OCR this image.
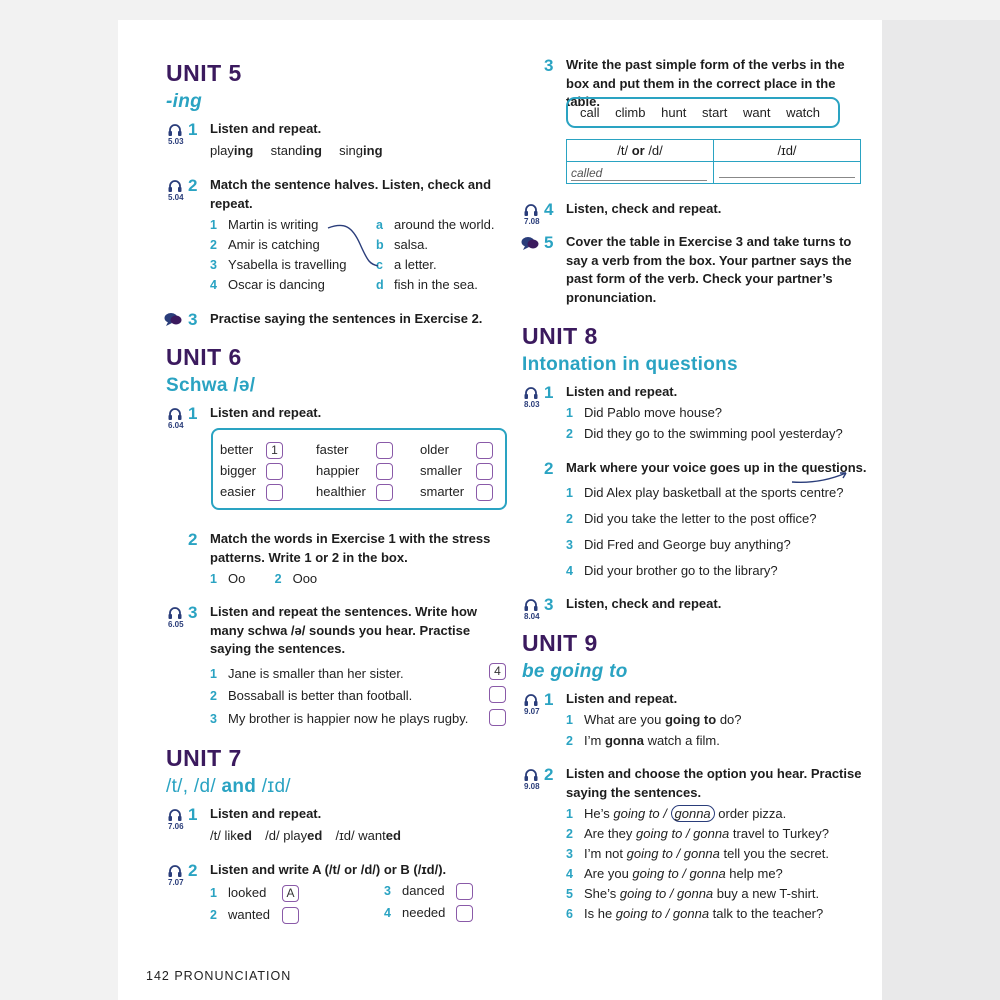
UNIT 5
-ing
5.03
1 Listen and repeat.
playing standing singing
5.04
2 Match the sentence halves. Listen, check and repeat.
1 Martin is writing
2 Amir is catching
3 Ysabella is travelling
4 Oscar is dancing
a around the world.
b salsa.
c a letter.
d fish in the sea.
3 Practise saying the sentences in Exercise 2.
UNIT 6
Schwa /ə/
6.04
1 Listen and repeat.
better 1	faster	older
bigger	happier	smaller
easier	healthier	smarter
2 Match the words in Exercise 1 with the stress patterns. Write 1 or 2 in the box.
1 Oo 2 Ooo
6.05
3 Listen and repeat the sentences. Write how many schwa /ə/ sounds you hear. Practise saying the sentences.
1 Jane is smaller than her sister.
2 Bossaball is better than football.
3 My brother is happier now he plays rugby.
4
UNIT 7
/t/, /d/ and /ɪd/
7.06
1 Listen and repeat.
/t/ liked /d/ played /ɪd/ wanted
7.07
2 Listen and write A (/t/ or /d/) or B (/ɪd/).
1 looked A
2 wanted
3 danced
4 needed
142 PRONUNCIATION
3 Write the past simple form of the verbs in the box and put them in the correct place in the table.
call climb hunt start want watch
/t/ or /d/	/ɪd/
called	
7.08
4 Listen, check and repeat.
5 Cover the table in Exercise 3 and take turns to say a verb from the box. Your partner says the past form of the verb. Check your partner’s pronunciation.
UNIT 8
Intonation in questions
8.03
1 Listen and repeat.
1 Did Pablo move house?
2 Did they go to the swimming pool yesterday?
2 Mark where your voice goes up in the questions.
1 Did Alex play basketball at the sports centre?
2 Did you take the letter to the post office?
3 Did Fred and George buy anything?
4 Did your brother go to the library?
8.04
3 Listen, check and repeat.
UNIT 9
be going to
9.07
1 Listen and repeat.
1 What are you going to do?
2 I’m gonna watch a film.
9.08
2 Listen and choose the option you hear. Practise saying the sentences.
1 He’s going to / gonna order pizza.
2 Are they going to / gonna travel to Turkey?
3 I’m not going to / gonna tell you the secret.
4 Are you going to / gonna help me?
5 She’s going to / gonna buy a new T-shirt.
6 Is he going to / gonna talk to the teacher?
